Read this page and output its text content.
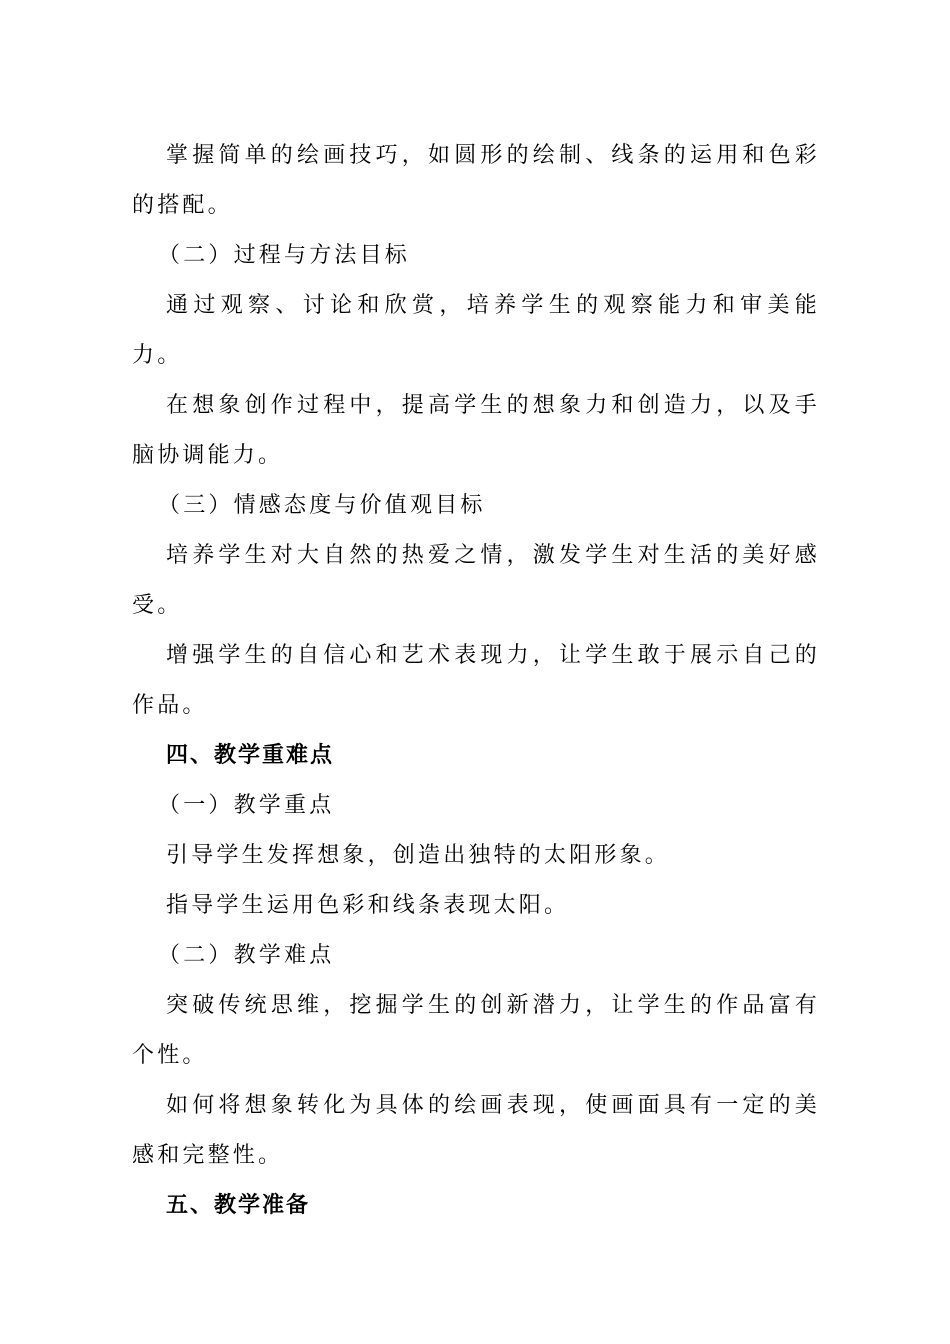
掌握简单的绘画技巧，如圆形的绘制、线条的运用和色彩的搭配。

（二）过程与方法目标

通过观察、讨论和欣赏，培养学生的观察能力和审美能力。

在想象创作过程中，提高学生的想象力和创造力，以及手脑协调能力。

（三）情感态度与价值观目标

培养学生对大自然的热爱之情，激发学生对生活的美好感受。

增强学生的自信心和艺术表现力，让学生敢于展示自己的作品。

四、教学重难点

（一）教学重点

引导学生发挥想象，创造出独特的太阳形象。

指导学生运用色彩和线条表现太阳。

（二）教学难点

突破传统思维，挖掘学生的创新潜力，让学生的作品富有个性。

如何将想象转化为具体的绘画表现，使画面具有一定的美感和完整性。

五、教学准备
